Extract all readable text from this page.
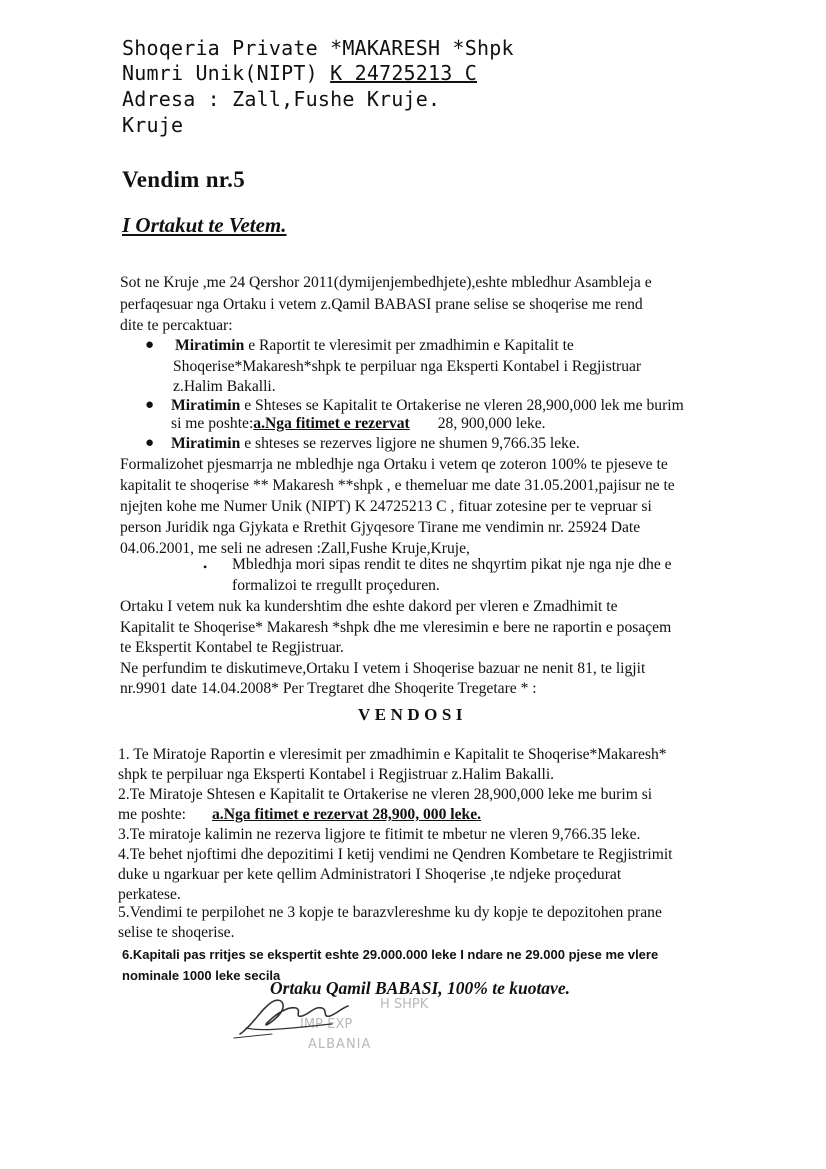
Shoqeria Private *MAKARESH *Shpk
Numri Unik(NIPT) K 24725213 C
Adresa : Zall,Fushe Kruje.
Kruje
Vendim nr.5
I Ortakut te Vetem.
Sot ne Kruje ,me 24 Qershor 2011(dymijenjembedhjete),eshte mbledhur Asambleja e
perfaqesuar nga Ortaku i vetem z.Qamil BABASI prane selise se shoqerise me rend
dite te percaktuar:
● Miratimin e Raportit te vleresimit per zmadhimin e Kapitalit te
Shoqerise*Makaresh*shpk te perpiluar nga Eksperti Kontabel i Regjistruar
z.Halim Bakalli.
● Miratimin e Shteses se Kapitalit te Ortakerise ne vleren 28,900,000 lek me burim
si me poshte:a.Nga fitimet e rezervat 28, 900,000 leke.
● Miratimin e shteses se rezerves ligjore ne shumen 9,766.35 leke.
Formalizohet pjesmarrja ne mbledhje nga Ortaku i vetem qe zoteron 100% te pjeseve te
kapitalit te shoqerise ** Makaresh **shpk , e themeluar me date 31.05.2001,pajisur ne te
njejten kohe me Numer Unik (NIPT) K 24725213 C , fituar zotesine per te vepruar si
person Juridik nga Gjykata e Rrethit Gjyqesore Tirane me vendimin nr. 25924 Date
04.06.2001, me seli ne adresen :Zall,Fushe Kruje,Kruje,
• Mbledhja mori sipas rendit te dites ne shqyrtim pikat nje nga nje dhe e
formalizoi te rregullt proçeduren.
Ortaku I vetem nuk ka kundershtim dhe eshte dakord per vleren e Zmadhimit te
Kapitalit te Shoqerise* Makaresh *shpk dhe me vleresimin e bere ne raportin e posaçem
te Ekspertit Kontabel te Regjistruar.
Ne perfundim te diskutimeve,Ortaku I vetem i Shoqerise bazuar ne nenit 81, te ligjit
nr.9901 date 14.04.2008* Per Tregtaret dhe Shoqerite Tregetare * :
VENDOSI
1. Te Miratoje Raportin e vleresimit per zmadhimin e Kapitalit te Shoqerise*Makaresh*
shpk te perpiluar nga Eksperti Kontabel i Regjistruar z.Halim Bakalli.
2.Te Miratoje Shtesen e Kapitalit te Ortakerise ne vleren 28,900,000 leke me burim si
me poshte: a.Nga fitimet e rezervat 28,900, 000 leke.
3.Te miratoje kalimin ne rezerva ligjore te fitimit te mbetur ne vleren 9,766.35 leke.
4.Te behet njoftimi dhe depozitimi I ketij vendimi ne Qendren Kombetare te Regjistrimit
duke u ngarkuar per kete qellim Administratori I Shoqerise ,te ndjeke proçedurat
perkatese.
5.Vendimi te perpilohet ne 3 kopje te barazvlereshme ku dy kopje te depozitohen prane
selise te shoqerise.
6.Kapitali pas rritjes se ekspertit eshte 29.000.000 leke I ndare ne 29.000 pjese me vlere
nominale 1000 leke secila
H SHPK
IMP-EXP
ALBANIA
Ortaku Qamil BABASI, 100% te kuotave.
